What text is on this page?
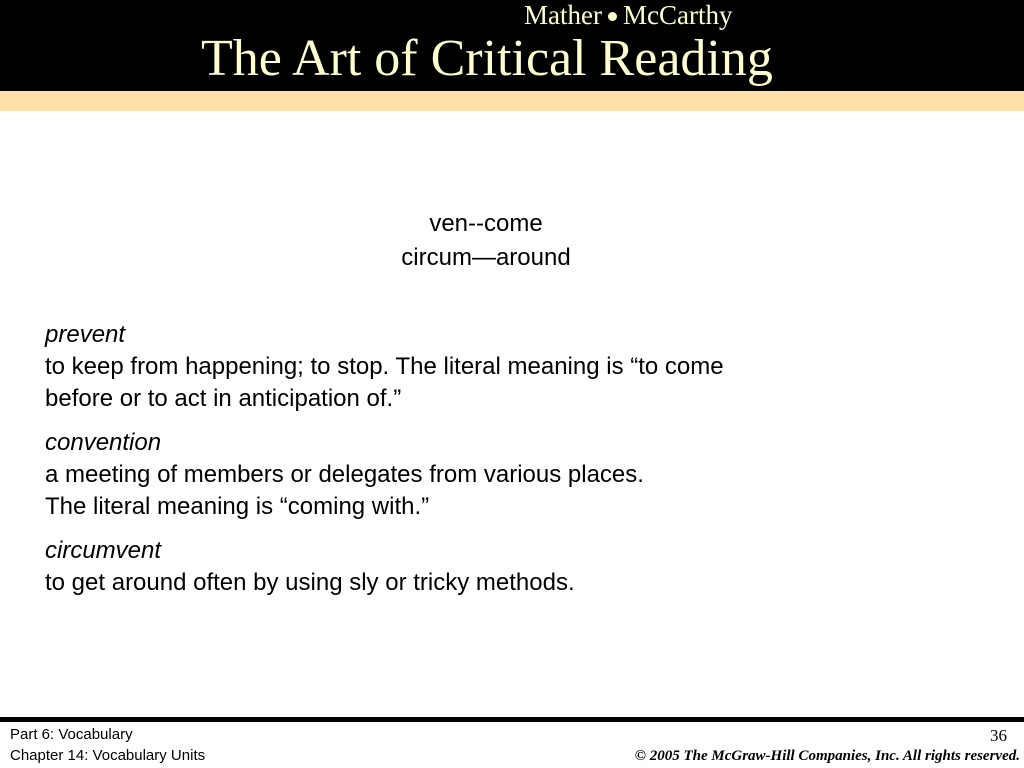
Mather McCarthy
The Art of Critical Reading
ven--come
circum—around
prevent
to keep from happening; to stop. The literal meaning is “to come
before or to act in anticipation of.”
convention
a meeting of members or delegates from various places.
The literal meaning is “coming with.”
circumvent
to get around often by using sly or tricky methods.
Part 6: Vocabulary
Chapter 14: Vocabulary Units
36
© 2005 The McGraw-Hill Companies, Inc. All rights reserved.
